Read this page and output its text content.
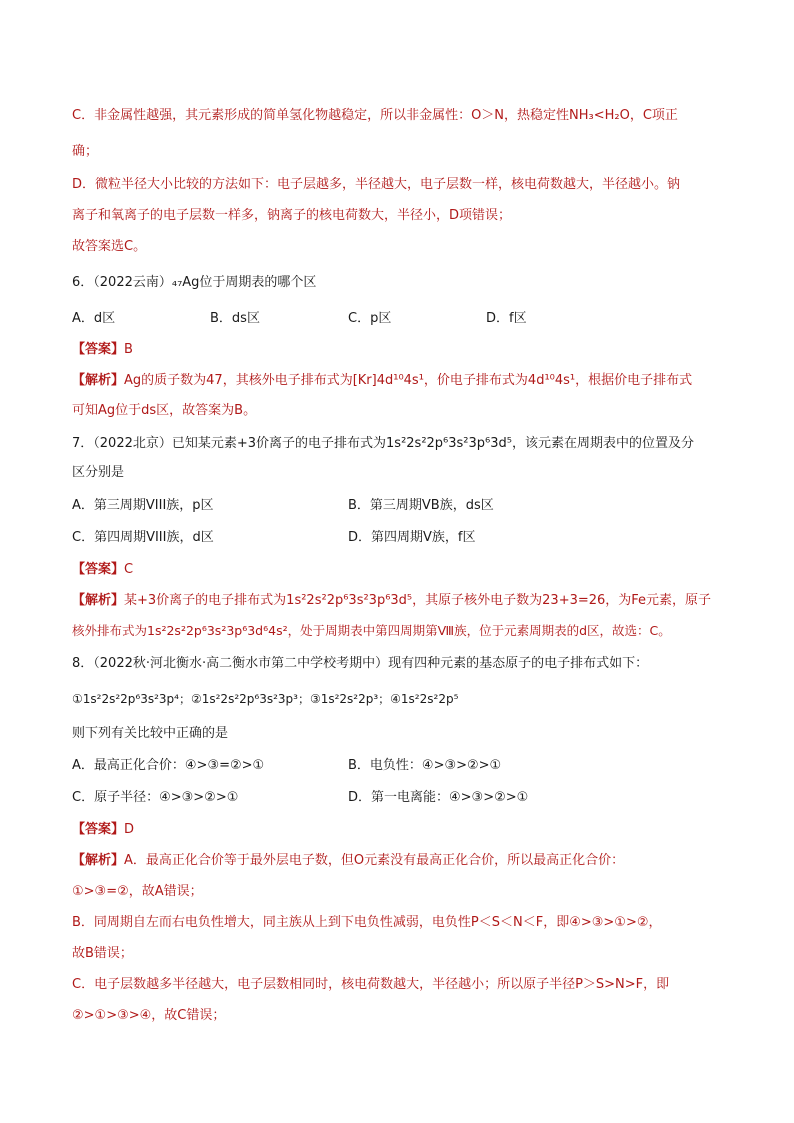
C．非金属性越强，其元素形成的简单氢化物越稳定，所以非金属性：O＞N，热稳定性NH₃<H₂O，C项正
确；
D．微粒半径大小比较的方法如下：电子层越多，半径越大，电子层数一样，核电荷数越大，半径越小。钠
离子和氧离子的电子层数一样多，钠离子的核电荷数大，半径小，D项错误；
故答案选C。
6．（2022云南）₄₇Ag位于周期表的哪个区
A．d区	B．ds区	C．p区	D．f区
【答案】B
【解析】Ag的质子数为47，其核外电子排布式为[Kr]4d¹⁰4s¹，价电子排布式为4d¹⁰4s¹，根据价电子排布式
可知Ag位于ds区，故答案为B。
7．（2022北京）已知某元素+3价离子的电子排布式为1s²2s²2p⁶3s²3p⁶3d⁵，该元素在周期表中的位置及分
区分别是
A．第三周期VIII族，p区	B．第三周期VB族，ds区
C．第四周期VIII族，d区	D．第四周期V族，f区
【答案】C
【解析】某+3价离子的电子排布式为1s²2s²2p⁶3s²3p⁶3d⁵，其原子核外电子数为23+3=26，为Fe元素，原子
核外排布式为1s²2s²2p⁶3s²3p⁶3d⁶4s²，处于周期表中第四周期第Ⅷ族，位于元素周期表的d区，故选：C。
8．（2022秋·河北衡水·高二衡水市第二中学校考期中）现有四种元素的基态原子的电子排布式如下：
①1s²2s²2p⁶3s²3p⁴；②1s²2s²2p⁶3s²3p³；③1s²2s²2p³；④1s²2s²2p⁵
则下列有关比较中正确的是
A．最高正化合价：④>③=②>①	B．电负性：④>③>②>①
C．原子半径：④>③>②>①	D．第一电离能：④>③>②>①
【答案】D
【解析】A．最高正化合价等于最外层电子数，但O元素没有最高正化合价，所以最高正化合价：
①>③=②，故A错误；
B．同周期自左而右电负性增大，同主族从上到下电负性减弱，电负性P＜S＜N＜F，即④>③>①>②，
故B错误；
C．电子层数越多半径越大，电子层数相同时，核电荷数越大，半径越小；所以原子半径P＞S>N>F，即
②>①>③>④，故C错误；
